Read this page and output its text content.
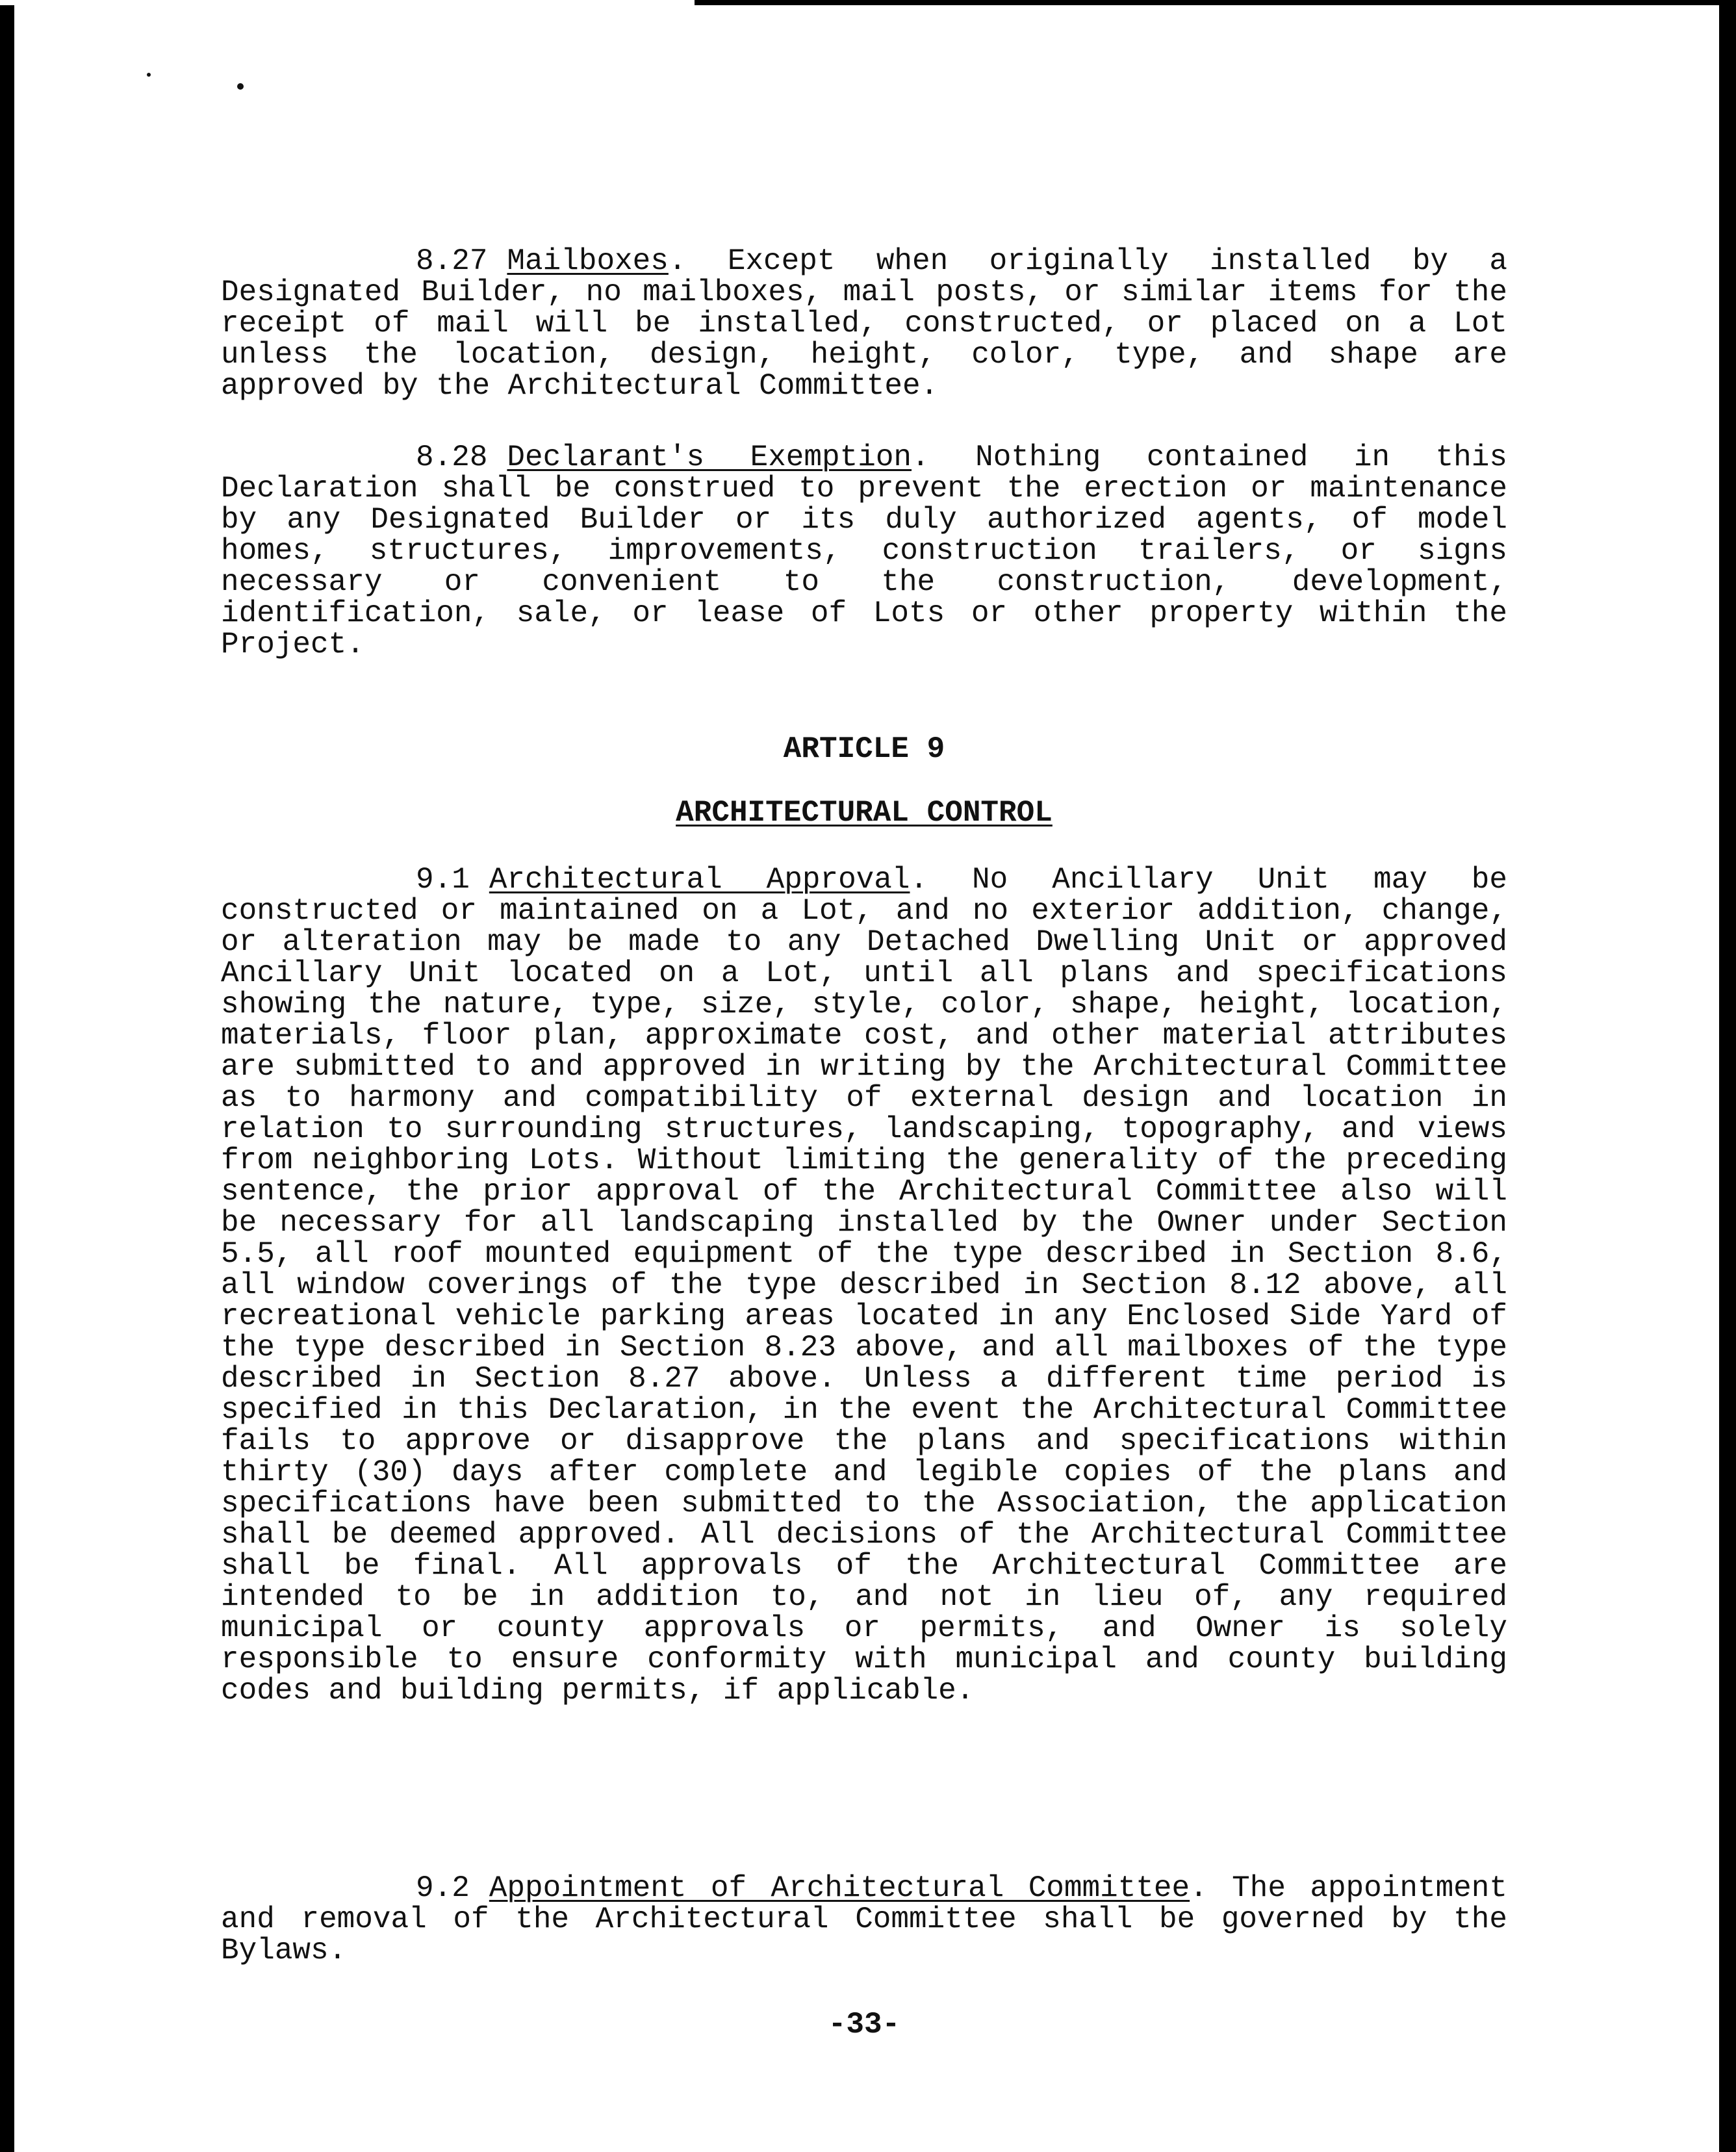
8.27 Mailboxes. Except when originally installed by a Designated Builder, no mailboxes, mail posts, or similar items for the receipt of mail will be installed, constructed, or placed on a Lot unless the location, design, height, color, type, and shape are approved by the Architectural Committee.

8.28 Declarant's Exemption. Nothing contained in this Declaration shall be construed to prevent the erection or maintenance by any Designated Builder or its duly authorized agents, of model homes, structures, improvements, construction trailers, or signs necessary or convenient to the construction, development, identification, sale, or lease of Lots or other property within the Project.

ARTICLE 9

ARCHITECTURAL CONTROL

9.1 Architectural Approval. No Ancillary Unit may be constructed or maintained on a Lot, and no exterior addition, change, or alteration may be made to any Detached Dwelling Unit or approved Ancillary Unit located on a Lot, until all plans and specifications showing the nature, type, size, style, color, shape, height, location, materials, floor plan, approximate cost, and other material attributes are submitted to and approved in writing by the Architectural Committee as to harmony and compatibility of external design and location in relation to surrounding structures, landscaping, topography, and views from neighboring Lots. Without limiting the generality of the preceding sentence, the prior approval of the Architectural Committee also will be necessary for all landscaping installed by the Owner under Section 5.5, all roof mounted equipment of the type described in Section 8.6, all window coverings of the type described in Section 8.12 above, all recreational vehicle parking areas located in any Enclosed Side Yard of the type described in Section 8.23 above, and all mailboxes of the type described in Section 8.27 above. Unless a different time period is specified in this Declaration, in the event the Architectural Committee fails to approve or disapprove the plans and specifications within thirty (30) days after complete and legible copies of the plans and specifications have been submitted to the Association, the application shall be deemed approved. All decisions of the Architectural Committee shall be final. All approvals of the Architectural Committee are intended to be in addition to, and not in lieu of, any required municipal or county approvals or permits, and Owner is solely responsible to ensure conformity with municipal and county building codes and building permits, if applicable.

9.2 Appointment of Architectural Committee. The appointment and removal of the Architectural Committee shall be governed by the Bylaws.

-33-
